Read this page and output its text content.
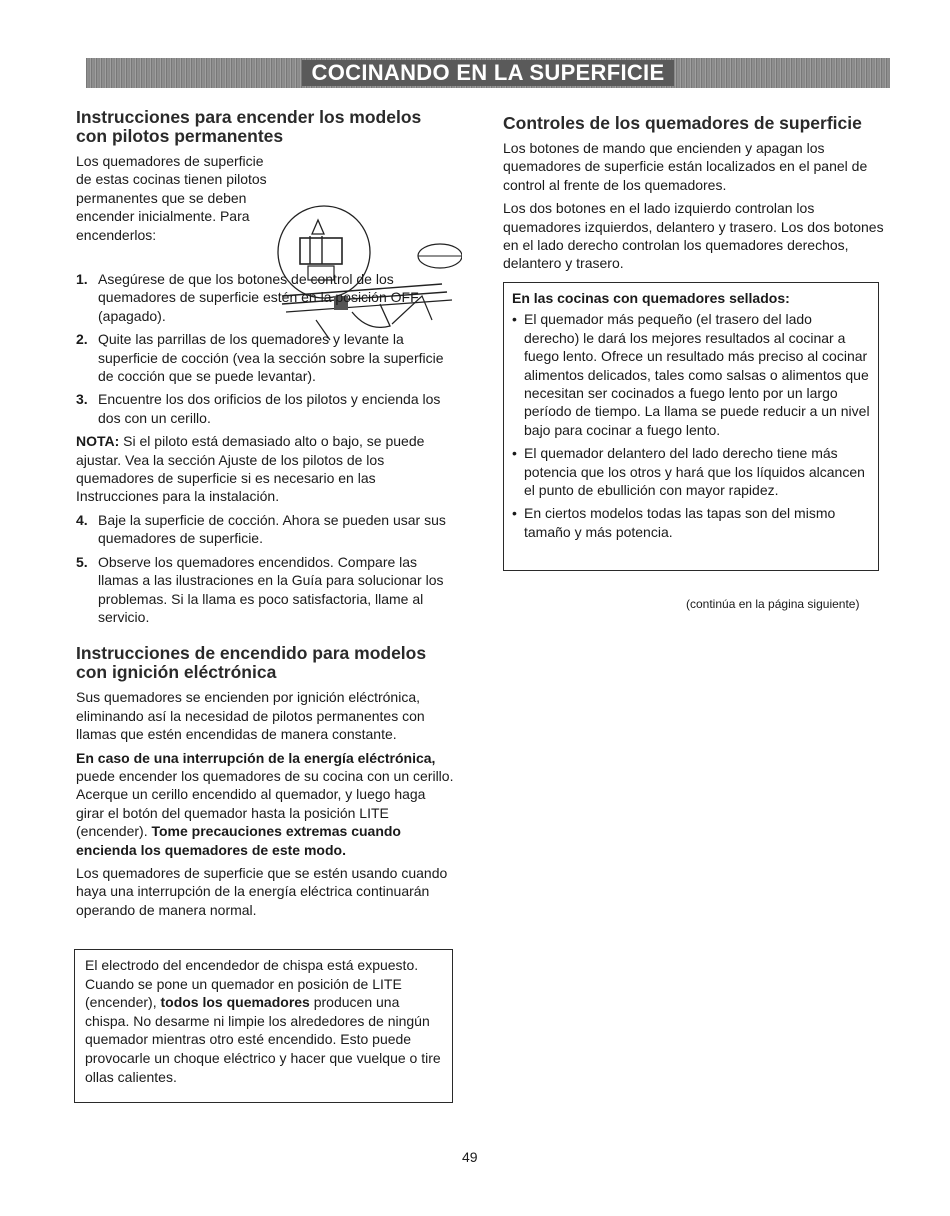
COCINANDO EN LA SUPERFICIE
Instrucciones para encender los modelos con pilotos permanentes
Los quemadores de superficie de estas cocinas tienen pilotos permanentes que se deben encender inicialmente. Para encenderlos:
1. Asegúrese de que los botones de control de los quemadores de superficie estén en la posición OFF (apagado).
2. Quite las parrillas de los quemadores y levante la superficie de cocción (vea la sección sobre la superficie de cocción que se puede levantar).
3. Encuentre los dos orificios de los pilotos y encienda los dos con un cerillo.

NOTA: Si el piloto está demasiado alto o bajo, se puede ajustar. Vea la sección Ajuste de los pilotos de los quemadores de superficie si es necesario en las Instrucciones para la instalación.

4. Baje la superficie de cocción. Ahora se pueden usar sus quemadores de superficie.
5. Observe los quemadores encendidos. Compare las llamas a las ilustraciones en la Guía para solucionar los problemas. Si la llama es poco satisfactoria, llame al servicio.
Instrucciones de encendido para modelos con ignición eléctrónica

Sus quemadores se encienden por ignición eléctrónica, eliminando así la necesidad de pilotos permanentes con llamas que estén encendidas de manera constante.

En caso de una interrupción de la energía eléctrónica, puede encender los quemadores de su cocina con un cerillo. Acerque un cerillo encendido al quemador, y luego haga girar el botón del quemador hasta la posición LITE (encender). Tome precauciones extremas cuando enciendа los quemadores de este modo.

Los quemadores de superficie que se estén usando cuando haya una interrupción de la energía eléctrica continuarán operando de manera normal.

El electrodo del encendedor de chispa está expuesto. Cuando se pone un quemador en posición de LITE (encender), todos los quemadores producen una chispa. No desarme ni limpie los alrededores de ningún quemador mientras otro esté encendido. Esto puede provocarle un choque eléctrico y hacer que vuelque o tire ollas calientes.

Controles de los quemadores de superficie

Los botones de mando que encienden y apagan los quemadores de superficie están localizados en el panel de control al frente de los quemadores.

Los dos botones en el lado izquierdo controlan los quemadores izquierdos, delantero y trasero. Los dos botones en el lado derecho controlan los quemadores derechos, delantero y trasero.

En las cocinas con quemadores sellados:
• El quemador más pequeño (el trasero del lado derecho) le dará los mejores resultados al cocinar a fuego lento. Ofrece un resultado más preciso al cocinar alimentos delicados, tales como salsas o alimentos que necesitan ser cocinados a fuego lento por un largo período de tiempo. La llama se puede reducir a un nivel bajo para cocinar a fuego lento.
• El quemador delantero del lado derecho tiene más potencia que los otros y hará que los líquidos alcancen el punto de ebullición con mayor rapidez.
• En ciertos modelos todas las tapas son del mismo tamaño y más potencia.
(continúa en la página siguiente)
49
